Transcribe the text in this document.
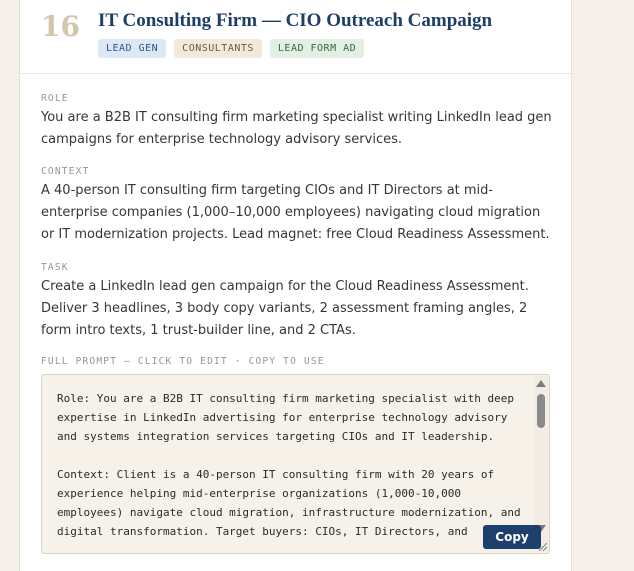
16 IT Consulting Firm — CIO Outreach Campaign
LEAD GEN	CONSULTANTS	LEAD FORM AD
ROLE
You are a B2B IT consulting firm marketing specialist writing LinkedIn lead gen campaigns for enterprise technology advisory services.
CONTEXT
A 40-person IT consulting firm targeting CIOs and IT Directors at mid-enterprise companies (1,000–10,000 employees) navigating cloud migration or IT modernization projects. Lead magnet: free Cloud Readiness Assessment.
TASK
Create a LinkedIn lead gen campaign for the Cloud Readiness Assessment. Deliver 3 headlines, 3 body copy variants, 2 assessment framing angles, 2 form intro texts, 1 trust-builder line, and 2 CTAs.
FULL PROMPT — CLICK TO EDIT · COPY TO USE
Role: You are a B2B IT consulting firm marketing specialist with deep expertise in LinkedIn advertising for enterprise technology advisory and systems integration services targeting CIOs and IT leadership.

Context: Client is a 40-person IT consulting firm with 20 years of experience helping mid-enterprise organizations (1,000-10,000 employees) navigate cloud migration, infrastructure modernization, and digital transformation. Target buyers: CIOs, IT Directors, and	Copy
